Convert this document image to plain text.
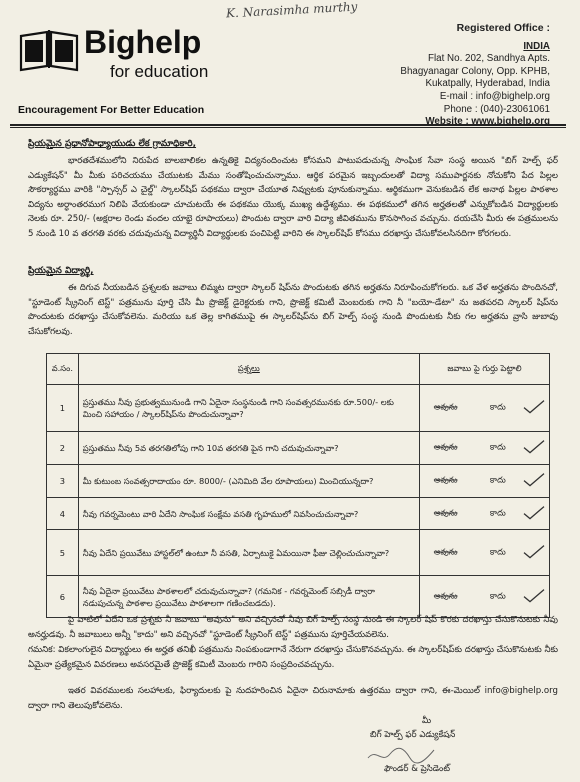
K. Narasimha murthy
Bighelp
for education
Encouragement For Better Education
Registered Office :
INDIA
Flat No. 202, Sandhya Apts.
Bhagyanagar Colony, Opp. KPHB,
Kukatpally, Hyderabad, India
E-mail : info@bighelp.org
Phone : (040)-23061061
Website : www.bighelp.org
ప్రియమైన ప్రధానోపాధ్యాయుడు లేక గ్రామాధికారి,
భారతదేశములోని నిరుపేద బాలబాలికల ఉన్నతికై విద్యనందించుట కోసమని పాటుపడుచున్న సాంఘిక సేవా సంస్థ అయిన "బిగ్ హెల్ప్ ఫర్ ఎడ్యుకేషన్" మీ మీకు పరిచయము చేయుటకు మేము సంతోషించుచున్నాము. ఆర్థిక పరమైన ఇబ్బందులతో విద్యా సముపార్జనకు నోచుకోని పేద పిల్లల సౌకర్యార్థము వారికి "స్పాన్సర్ ఎ చైల్డ్" స్కాలర్‌షిప్ పథకము ద్వారా చేయూత నివ్వుటకు పూనుకున్నాము. ఆర్థికముగా వెనుకబడిన లేక అనాథ పిల్లల పాఠశాల విద్యను అర్ధాంతరముగ నిలిపి వేయకుండా చూచుటయే ఈ పథకము యొక్క ముఖ్య ఉద్దేశ్యము. ఈ పథకములో తగిన అర్హతలతో ఎన్నుకోబడిన విద్యార్థులకు నెలకు రూ. 250/- (అక్షరాల రెండు వందల యాభై రూపాయలు) పొందుట ద్వారా వారి విద్యా జీవితమును కొనసాగించ వచ్చును. దయచేసి మీరు ఈ పత్రములను 5 నుండి 10 వ తరగతి వరకు చదువుచున్న విద్యార్థినీ విద్యార్థులకు పంచిపెట్టి వారిని ఈ స్కాలర్‌షిప్ కోసము దరఖాస్తు చేసుకోవలసినదిగా కోరగలరు.
ప్రియమైన విద్యార్థి,
ఈ దిగువ నీయబడిన ప్రశ్నలకు జవాబు లిమ్మట ద్వారా స్కాలర్ షిప్‌ను పొందుటకు తగిన అర్హతను నిరూపించుకోగలరు. ఒక వేళ అర్హతను పొందినచో, "స్టూడెంట్ స్క్రీనింగ్ టెస్ట్" పత్రమును పూర్తి చేసి మీ ప్రొజెక్ట్ డైరెక్టరుకు గాని, ప్రొజెక్ట్ కమిటీ మెంబరుకు గాని నీ "బయో-డేటా" ను జతపరచి స్కాలర్ షిప్‌ను పొందుటకు దరఖాస్తు చేసుకోవలెను. మరియు ఒక తెల్ల కాగితముపై ఈ స్కాలర్‌షిప్‌ను బిగ్ హెల్ప్ సంస్థ నుండి పొందుటకు నీకు గల అర్హతను వ్రాసి జుబావు చేసుకోగలవు.
వ.సం.	ప్రశ్నలు	జవాబు పై గుర్తు పెట్టాలి
1	ప్రస్తుతము నీవు ప్రభుత్వమునుండి గాని ఏదైనా సంస్థనుండి గాని సంవత్సరమునకు రూ.500/- లకు మించి సహాయం / స్కాలర్‌షిప్‌ను పొందుచున్నావా?	అవును కాదు

2	ప్రస్తుతము నీవు 5వ తరగతిలోపు గాని 10వ తరగతి పైన గాని చదువుచున్నావా?	అవును కాదు

3	మీ కుటుంబ సంవత్సరాదాయం రూ. 8000/- (ఎనిమిది వేల రూపాయలు) మించియున్నదా?	అవును కాదు

4	నీవు గవర్నమెంటు వారి ఏదేని సాంఘిక సంక్షేమ వసతి గృహములో నివసించుచున్నావా?	అవును కాదు

5	నీవు ఏదేని ప్రయివేటు హాస్టల్‌లో ఉంటూ నీ వసతి, ఏర్పాటుకై ఏమయినా ఫీజు చెల్లించుచున్నావా?	అవును కాదు

6	నీవు ఏదైనా ప్రయివేటు పాఠశాలలో చదువుచున్నావా? (గమనిక - గవర్నమెంట్ సబ్సిడీ ద్వారా నడుపుచున్న పాఠశాల ప్రయివేటు పాఠశాలగా గణించబడదు).	అవును కాదు
పై వాటిలో ఏదేని ఒక ప్రశ్నకు నీ జవాబు "అవును" అని వచ్చినచో నీవు బిగ్ హెల్ప్ సంస్థ నుండి ఈ స్కాలర్ షిప్ కొరకు దరఖాస్తు చేసుకొనుటకు నీవు అనర్హుడవు. నీ జవాబులు అన్నీ "కాదు" అని వచ్చినచో "స్టూడెంట్ స్క్రీనింగ్ టెస్ట్" పత్రమును పూర్తిచేయవలెను.
గమనిక: వికలాంగులైన విద్యార్థులు ఈ అర్హత తనిఖీ పత్రమును నింపకుండాగానే నేరుగా దరఖాస్తు చేసుకొనవచ్చును. ఈ స్కాలర్‌షిప్‌కు దరఖాస్తు చేసుకొనుటకు నీకు ఏమైనా ప్రత్యేకమైన వివరణలు అవసరమైతే ప్రొజెక్ట్ కమిటీ మెంబరు గారిని సంప్రదించవచ్చును.
ఇతర వివరములకు సలహాలకు, ఫిర్యాదులకు పై నుదహరించిన ఏదైనా చిరునామాకు ఉత్తరము ద్వారా గాని, ఈ-మెయిల్ info@bighelp.org ద్వారా గాని తెలుపుకోవలెను.
మీ
బిగ్ హెల్ప్ ఫర్ ఎడ్యుకేషన్
ఫౌండర్ & ప్రెసిడెంట్
